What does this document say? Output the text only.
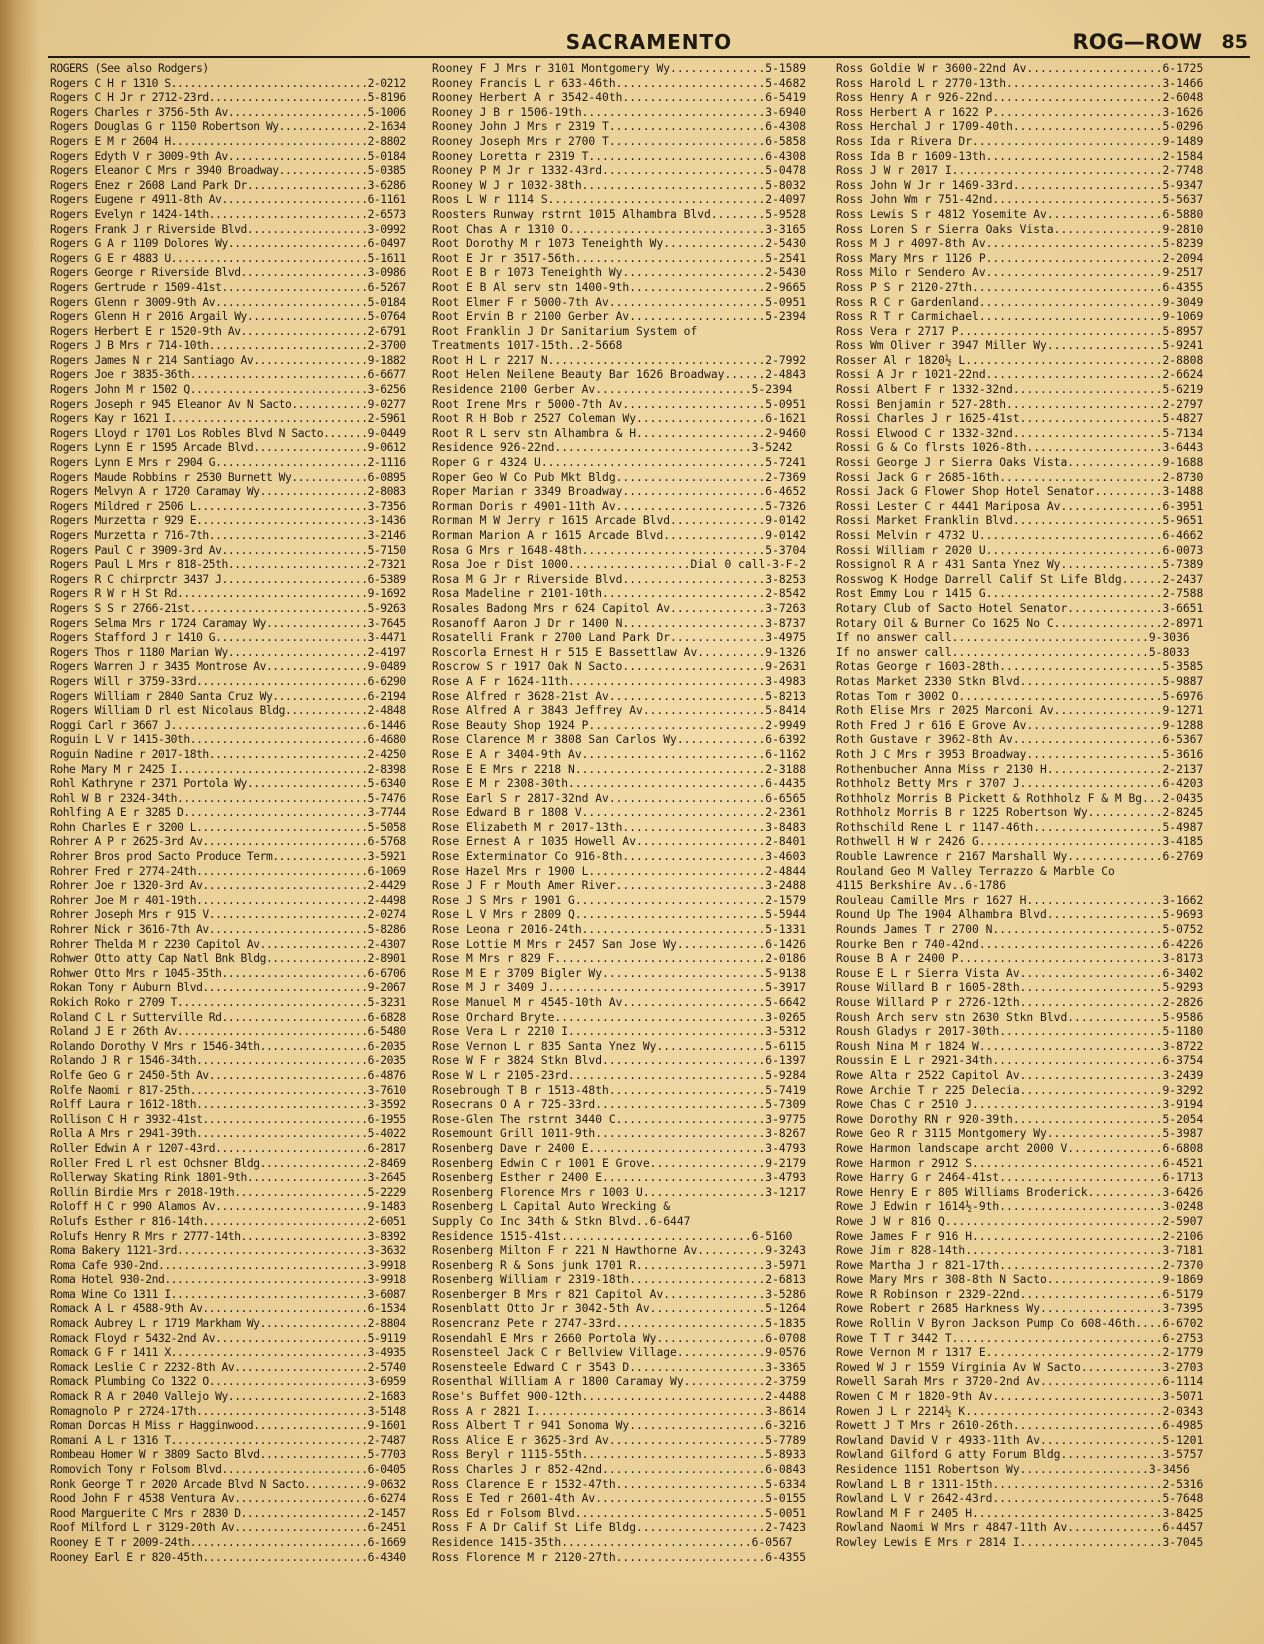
SACRAMENTO	ROG—ROW 85
ROGERS (See also Rodgers)
Rogers C H r 1310 S...............................2-0212
Rogers C H Jr r 2712-23rd.........................5-8196
Rogers Charles r 3756-5th Av......................5-1006
Rogers Douglas G r 1150 Robertson Wy..............2-1634
Rogers E M r 2604 H...............................2-8802
Rogers Edyth V r 3009-9th Av......................5-0184
Rogers Eleanor C Mrs r 3940 Broadway..............5-0385
Rogers Enez r 2608 Land Park Dr...................3-6286
Rogers Eugene r 4911-8th Av.......................6-1161
Rogers Evelyn r 1424-14th.........................2-6573
Rogers Frank J r Riverside Blvd...................3-0992
Rogers G A r 1109 Dolores Wy......................6-0497
Rogers G E r 4883 U...............................5-1611
Rogers George r Riverside Blvd....................3-0986
Rogers Gertrude r 1509-41st.......................6-5267
Rogers Glenn r 3009-9th Av........................5-0184
Rogers Glenn H r 2016 Argail Wy...................5-0764
Rogers Herbert E r 1520-9th Av....................2-6791
Rogers J B Mrs r 714-10th.........................2-3700
Rogers James N r 214 Santiago Av..................9-1882
Rogers Joe r 3835-36th............................6-6677
Rogers John M r 1502 Q............................3-6256
Rogers Joseph r 945 Eleanor Av N Sacto............9-0277
Rogers Kay r 1621 I...............................2-5961
Rogers Lloyd r 1701 Los Robles Blvd N Sacto.......9-0449
Rogers Lynn E r 1595 Arcade Blvd..................9-0612
Rogers Lynn E Mrs r 2904 G........................2-1116
Rogers Maude Robbins r 2530 Burnett Wy............6-0895
Rogers Melvyn A r 1720 Caramay Wy.................2-8083
Rogers Mildred r 2506 L...........................3-7356
Rogers Murzetta r 929 E...........................3-1436
Rogers Murzetta r 716-7th.........................3-2146
Rogers Paul C r 3909-3rd Av.......................5-7150
Rogers Paul L Mrs r 818-25th......................2-7321
Rogers R C chirprctr 3437 J.......................6-5389
Rogers R W r H St Rd..............................9-1692
Rogers S S r 2766-21st............................5-9263
Rogers Selma Mrs r 1724 Caramay Wy................3-7645
Rogers Stafford J r 1410 G........................3-4471
Rogers Thos r 1180 Marian Wy......................2-4197
Rogers Warren J r 3435 Montrose Av................9-0489
Rogers Will r 3759-33rd...........................6-6290
Rogers William r 2840 Santa Cruz Wy...............6-2194
Rogers William D rl est Nicolaus Bldg.............2-4848
Roggi Carl r 3667 J...............................6-1446
Roguin L V r 1415-30th............................6-4680
Roguin Nadine r 2017-18th.........................2-4250
Rohe Mary M r 2425 I..............................2-8398
Rohl Kathryne r 2371 Portola Wy...................5-6340
Rohl W B r 2324-34th..............................5-7476
Rohlfing A E r 3285 D.............................3-7744
Rohn Charles E r 3200 L...........................5-5058
Rohrer A P r 2625-3rd Av..........................6-5768
Rohrer Bros prod Sacto Produce Term...............3-5921
Rohrer Fred r 2774-24th...........................6-1069
Rohrer Joe r 1320-3rd Av..........................2-4429
Rohrer Joe M r 401-19th...........................2-4498
Rohrer Joseph Mrs r 915 V.........................2-0274
Rohrer Nick r 3616-7th Av.........................5-8286
Rohrer Thelda M r 2230 Capitol Av.................2-4307
Rohwer Otto atty Cap Natl Bnk Bldg................2-8901
Rohwer Otto Mrs r 1045-35th.......................6-6706
Rokan Tony r Auburn Blvd..........................9-2067
Rokich Roko r 2709 T..............................5-3231
Roland C L r Sutterville Rd.......................6-6828
Roland J E r 26th Av..............................6-5480
Rolando Dorothy V Mrs r 1546-34th.................6-2035
Rolando J R r 1546-34th...........................6-2035
Rolfe Geo G r 2450-5th Av.........................6-4876
Rolfe Naomi r 817-25th............................3-7610
Rolff Laura r 1612-18th...........................3-3592
Rollison C H r 3932-41st..........................6-1955
Rolla A Mrs r 2941-39th...........................5-4022
Roller Edwin A r 1207-43rd........................6-2817
Roller Fred L rl est Ochsner Bldg.................2-8469
Rollerway Skating Rink 1801-9th...................3-2645
Rollin Birdie Mrs r 2018-19th.....................5-2229
Roloff H C r 990 Alamos Av........................9-1483
Rolufs Esther r 816-14th..........................2-6051
Rolufs Henry R Mrs r 2777-14th....................3-8392
Roma Bakery 1121-3rd..............................3-3632
Roma Cafe 930-2nd.................................3-9918
Roma Hotel 930-2nd................................3-9918
Roma Wine Co 1311 I...............................3-6087
Romack A L r 4588-9th Av..........................6-1534
Romack Aubrey L r 1719 Markham Wy.................2-8804
Romack Floyd r 5432-2nd Av........................5-9119
Romack G F r 1411 X...............................3-4935
Romack Leslie C r 2232-8th Av.....................2-5740
Romack Plumbing Co 1322 O.........................3-6959
Romack R A r 2040 Vallejo Wy......................2-1683
Romagnolo P r 2724-17th...........................3-5148
Roman Dorcas H Miss r Hagginwood..................9-1601
Romani A L r 1316 T...............................2-7487
Rombeau Homer W r 3809 Sacto Blvd.................5-7703
Romovich Tony r Folsom Blvd.......................6-0405
Ronk George T r 2020 Arcade Blvd N Sacto..........9-0632
Rood John F r 4538 Ventura Av.....................6-6274
Rood Marguerite C Mrs r 2830 D....................2-1457
Roof Milford L r 3129-20th Av.....................6-2451
Rooney E T r 2009-24th............................6-1669
Rooney Earl E r 820-45th..........................6-4340
Rooney F J Mrs r 3101 Montgomery Wy..............5-1589
Rooney Francis L r 633-46th......................5-4682
Rooney Herbert A r 3542-40th.....................6-5419
Rooney J B r 1506-19th...........................3-6940
Rooney John J Mrs r 2319 T.......................6-4308
Rooney Joseph Mrs r 2700 T.......................6-5858
Rooney Loretta r 2319 T..........................6-4308
Rooney P M Jr r 1332-43rd........................5-0478
Rooney W J r 1032-38th...........................5-8032
Roos L W r 1114 S................................2-4097
Roosters Runway rstrnt 1015 Alhambra Blvd........5-9528
Root Chas A r 1310 O.............................3-3165
Root Dorothy M r 1073 Teneighth Wy...............2-5430
Root E Jr r 3517-56th............................5-2541
Root E B r 1073 Teneighth Wy.....................2-5430
Root E B Al serv stn 1400-9th....................2-9665
Root Elmer F r 5000-7th Av.......................5-0951
Root Ervin B r 2100 Gerber Av....................5-2394
Root Franklin J Dr Sanitarium System of
Treatments 1017-15th..2-5668
Root H L r 2217 N................................2-7992
Root Helen Neilene Beauty Bar 1626 Broadway......2-4843
Residence 2100 Gerber Av.......................5-2394
Root Irene Mrs r 5000-7th Av.....................5-0951
Root R H Bob r 2527 Coleman Wy...................6-1621
Root R L serv stn Alhambra & H...................2-9460
Residence 926-22nd.............................3-5242
Roper G r 4324 U.................................5-7241
Roper Geo W Co Pub Mkt Bldg......................2-7369
Roper Marian r 3349 Broadway.....................6-4652
Rorman Doris r 4901-11th Av......................5-7326
Rorman M W Jerry r 1615 Arcade Blvd..............9-0142
Rorman Marion A r 1615 Arcade Blvd...............9-0142
Rosa G Mrs r 1648-48th...........................5-3704
Rosa Joe r Dist 1000..................Dial 0 call-3-F-2
Rosa M G Jr r Riverside Blvd.....................3-8253
Rosa Madeline r 2101-10th........................2-8542
Rosales Badong Mrs r 624 Capitol Av..............3-7263
Rosanoff Aaron J Dr r 1400 N.....................3-8737
Rosatelli Frank r 2700 Land Park Dr..............3-4975
Roscorla Ernest H r 515 E Bassettlaw Av..........9-1326
Roscrow S r 1917 Oak N Sacto.....................9-2631
Rose A F r 1624-11th.............................3-4983
Rose Alfred r 3628-21st Av.......................5-8213
Rose Alfred A r 3843 Jeffrey Av..................5-8414
Rose Beauty Shop 1924 P..........................2-9949
Rose Clarence M r 3808 San Carlos Wy.............6-6392
Rose E A r 3404-9th Av...........................6-1162
Rose E E Mrs r 2218 N............................2-3188
Rose E M r 2308-30th.............................6-4435
Rose Earl S r 2817-32nd Av.......................6-6565
Rose Edward B r 1808 V...........................2-2361
Rose Elizabeth M r 2017-13th.....................3-8483
Rose Ernest A r 1035 Howell Av...................2-8401
Rose Exterminator Co 916-8th.....................3-4603
Rose Hazel Mrs r 1900 L..........................2-4844
Rose J F r Mouth Amer River......................3-2488
Rose J S Mrs r 1901 G............................2-1579
Rose L V Mrs r 2809 Q............................5-5944
Rose Leona r 2016-24th...........................5-1331
Rose Lottie M Mrs r 2457 San Jose Wy.............6-1426
Rose M Mrs r 829 F...............................2-0186
Rose M E r 3709 Bigler Wy........................5-9138
Rose M J r 3409 J................................5-3917
Rose Manuel M r 4545-10th Av.....................5-6642
Rose Orchard Bryte...............................3-0265
Rose Vera L r 2210 I.............................3-5312
Rose Vernon L r 835 Santa Ynez Wy................5-6115
Rose W F r 3824 Stkn Blvd........................6-1397
Rose W L r 2105-23rd.............................5-9284
Rosebrough T B r 1513-48th.......................5-7419
Rosecrans O A r 725-33rd.........................5-7309
Rose-Glen The rstrnt 3440 C......................3-9775
Rosemount Grill 1011-9th.........................3-8267
Rosenberg Dave r 2400 E..........................3-4793
Rosenberg Edwin C r 1001 E Grove.................9-2179
Rosenberg Esther r 2400 E........................3-4793
Rosenberg Florence Mrs r 1003 U..................3-1217
Rosenberg L Capital Auto Wrecking &
Supply Co Inc 34th & Stkn Blvd..6-6447
Residence 1515-41st............................6-5160
Rosenberg Milton F r 221 N Hawthorne Av..........9-3243
Rosenberg R & Sons junk 1701 R...................3-5971
Rosenberg William r 2319-18th....................2-6813
Rosenberger B Mrs r 821 Capitol Av...............3-5286
Rosenblatt Otto Jr r 3042-5th Av.................5-1264
Rosencranz Pete r 2747-33rd......................5-1835
Rosendahl E Mrs r 2660 Portola Wy................6-0708
Rosensteel Jack C r Bellview Village.............9-0576
Rosensteele Edward C r 3543 D....................3-3365
Rosenthal William A r 1800 Caramay Wy............2-3759
Rose's Buffet 900-12th...........................2-4488
Ross A r 2821 I..................................3-8614
Ross Albert T r 941 Sonoma Wy....................6-3216
Ross Alice E r 3625-3rd Av.......................5-7789
Ross Beryl r 1115-55th...........................5-8933
Ross Charles J r 852-42nd........................6-0843
Ross Clarence E r 1532-47th......................5-6334
Ross E Ted r 2601-4th Av.........................5-0155
Ross Ed r Folsom Blvd............................5-0051
Ross F A Dr Calif St Life Bldg...................2-7423
Residence 1415-35th............................6-0567
Ross Florence M r 2120-27th......................6-4355
Ross Goldie W r 3600-22nd Av....................6-1725
Ross Harold L r 2770-13th.......................3-1466
Ross Henry A r 926-22nd.........................2-6048
Ross Herbert A r 1622 P.........................3-1626
Ross Herchal J r 1709-40th......................5-0296
Ross Ida r Rivera Dr............................9-1489
Ross Ida B r 1609-13th..........................2-1584
Ross J W r 2017 I...............................2-7748
Ross John W Jr r 1469-33rd......................5-9347
Ross John Wm r 751-42nd.........................5-5637
Ross Lewis S r 4812 Yosemite Av.................6-5880
Ross Loren S r Sierra Oaks Vista................9-2810
Ross M J r 4097-8th Av..........................5-8239
Ross Mary Mrs r 1126 P..........................2-2094
Ross Milo r Sendero Av..........................9-2517
Ross P S r 2120-27th............................6-4355
Ross R C r Gardenland...........................9-3049
Ross R T r Carmichael...........................9-1069
Ross Vera r 2717 P..............................5-8957
Ross Wm Oliver r 3947 Miller Wy.................5-9241
Rosser Al r 1820½ L.............................2-8808
Rossi A Jr r 1021-22nd..........................2-6624
Rossi Albert F r 1332-32nd......................5-6219
Rossi Benjamin r 527-28th.......................2-2797
Rossi Charles J r 1625-41st.....................5-4827
Rossi Elwood C r 1332-32nd......................5-7134
Rossi G & Co flrsts 1026-8th....................3-6443
Rossi George J r Sierra Oaks Vista..............9-1688
Rossi Jack G r 2685-16th........................2-8730
Rossi Jack G Flower Shop Hotel Senator..........3-1488
Rossi Lester C r 4441 Mariposa Av...............6-3951
Rossi Market Franklin Blvd......................5-9651
Rossi Melvin r 4732 U...........................6-4662
Rossi William r 2020 U..........................6-0073
Rossignol R A r 431 Santa Ynez Wy...............5-7389
Rosswog K Hodge Darrell Calif St Life Bldg......2-2437
Rost Emmy Lou r 1415 G..........................2-7588
Rotary Club of Sacto Hotel Senator..............3-6651
Rotary Oil & Burner Co 1625 No C................2-8971
If no answer call.............................9-3036
If no answer call.............................5-8033
Rotas George r 1603-28th........................5-3585
Rotas Market 2330 Stkn Blvd.....................5-9887
Rotas Tom r 3002 O..............................5-6976
Roth Elise Mrs r 2025 Marconi Av................9-1271
Roth Fred J r 616 E Grove Av....................9-1288
Roth Gustave r 3962-8th Av......................6-5367
Roth J C Mrs r 3953 Broadway....................5-3616
Rothenbucher Anna Miss r 2130 H.................2-2137
Rothholz Betty Mrs r 3707 J.....................6-4203
Rothholz Morris B Pickett & Rothholz F & M Bg...2-0435
Rothholz Morris B r 1225 Robertson Wy...........2-8245
Rothschild Rene L r 1147-46th...................5-4987
Rothwell H W r 2426 G...........................3-4185
Rouble Lawrence r 2167 Marshall Wy..............6-2769
Rouland Geo M Valley Terrazzo & Marble Co
4115 Berkshire Av..6-1786
Rouleau Camille Mrs r 1627 H....................3-1662
Round Up The 1904 Alhambra Blvd.................5-9693
Rounds James T r 2700 N.........................5-0752
Rourke Ben r 740-42nd...........................6-4226
Rouse B A r 2400 P..............................3-8173
Rouse E L r Sierra Vista Av.....................6-3402
Rouse Willard B r 1605-28th.....................5-9293
Rouse Willard P r 2726-12th.....................2-2826
Roush Arch serv stn 2630 Stkn Blvd..............5-9586
Roush Gladys r 2017-30th........................5-1180
Roush Nina M r 1824 W...........................3-8722
Roussin E L r 2921-34th.........................6-3754
Rowe Alta r 2522 Capitol Av.....................3-2439
Rowe Archie T r 225 Delecia.....................9-3292
Rowe Chas C r 2510 J............................3-9194
Rowe Dorothy RN r 920-39th......................5-2054
Rowe Geo R r 3115 Montgomery Wy.................5-3987
Rowe Harmon landscape archt 2000 V..............6-6808
Rowe Harmon r 2912 S............................6-4521
Rowe Harry G r 2464-41st........................6-1713
Rowe Henry E r 805 Williams Broderick...........3-6426
Rowe J Edwin r 1614½-9th........................3-0248
Rowe J W r 816 Q................................2-5907
Rowe James F r 916 H............................2-2106
Rowe Jim r 828-14th.............................3-7181
Rowe Martha J r 821-17th........................2-7370
Rowe Mary Mrs r 308-8th N Sacto.................9-1869
Rowe R Robinson r 2329-22nd.....................6-5179
Rowe Robert r 2685 Harkness Wy..................3-7395
Rowe Rollin V Byron Jackson Pump Co 608-46th....6-6702
Rowe T T r 3442 T...............................6-2753
Rowe Vernon M r 1317 E..........................2-1779
Rowed W J r 1559 Virginia Av W Sacto............3-2703
Rowell Sarah Mrs r 3720-2nd Av..................6-1114
Rowen C M r 1820-9th Av.........................3-5071
Rowen J L r 2214½ K.............................2-0343
Rowett J T Mrs r 2610-26th......................6-4985
Rowland David V r 4933-11th Av..................5-1201
Rowland Gilford G atty Forum Bldg...............3-5757
Residence 1151 Robertson Wy...................3-3456
Rowland L B r 1311-15th.........................2-5316
Rowland L V r 2642-43rd.........................5-7648
Rowland M F r 2405 H............................3-8425
Rowland Naomi W Mrs r 4847-11th Av..............6-4457
Rowley Lewis E Mrs r 2814 I.....................3-7045
